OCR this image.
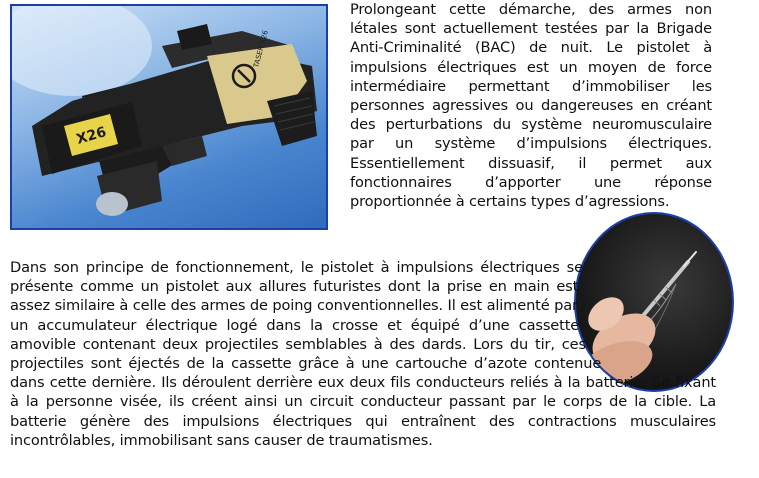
TASER X26
X26

Prolongeant cette démarche, des armes non létales sont actuellement testées par la Brigade Anti-Criminalité (BAC) de nuit. Le pistolet à impulsions électriques est un moyen de force intermédiaire permettant d’immobiliser les personnes agressives ou dangereuses en créant des perturbations du système neuromusculaire par un système d’impulsions électriques. Essentiellement dissuasif, il permet aux fonctionnaires d’apporter une réponse proportionnée à certains types d’agressions.

Dans son principe de fonctionnement, le pistolet à impulsions électriques se présente comme un pistolet aux allures futuristes dont la prise en main est assez similaire à celle des armes de poing conventionnelles. Il est alimenté par un accumulateur électrique logé dans la crosse et équipé d’une cassette amovible contenant deux projectiles semblables à des dards. Lors du tir, ces projectiles sont éjectés de la cassette grâce à une cartouche d’azote contenue dans cette dernière. Ils déroulent derrière eux deux fils conducteurs reliés à la batterie. Se fixant à la personne visée, ils créent ainsi un circuit conducteur passant par le corps de la cible. La batterie génère des impulsions électriques qui entraînent des contractions musculaires incontrôlables, immobilisant sans causer de traumatismes.
